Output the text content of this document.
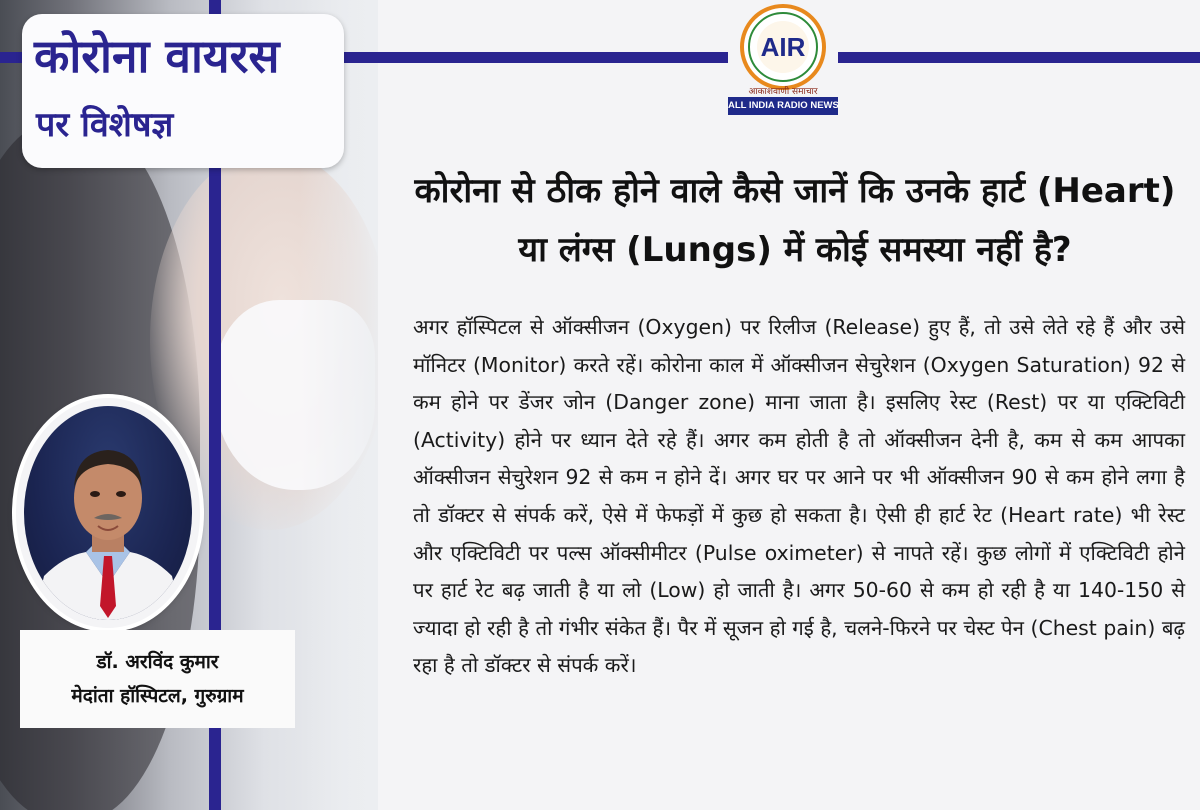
कोरोना वायरस
पर विशेषज्ञ
AIR
आकाशवाणी समाचार
ALL INDIA RADIO NEWS
कोरोना से ठीक होने वाले कैसे जानें कि उनके हार्ट (Heart) या लंग्स (Lungs) में कोई समस्या नहीं है?
अगर हॉस्पिटल से ऑक्सीजन (Oxygen) पर रिलीज (Release) हुए हैं, तो उसे लेते रहे हैं और उसे मॉनिटर (Monitor) करते रहें। कोरोना काल में ऑक्सीजन सेचुरेशन (Oxygen Saturation) 92 से कम होने पर डेंजर जोन (Danger zone) माना जाता है। इसलिए रेस्ट (Rest) पर या एक्टिविटी (Activity) होने पर ध्यान देते रहे हैं। अगर कम होती है तो ऑक्सीजन देनी है, कम से कम आपका ऑक्सीजन सेचुरेशन 92 से कम न होने दें। अगर घर पर आने पर भी ऑक्सीजन 90 से कम होने लगा है तो डॉक्टर से संपर्क करें, ऐसे में फेफड़ों में कुछ हो सकता है। ऐसी ही हार्ट रेट (Heart rate) भी रेस्ट और एक्टिविटी पर पल्स ऑक्सीमीटर (Pulse oximeter) से नापते रहें। कुछ लोगों में एक्टिविटी होने पर हार्ट रेट बढ़ जाती है या लो (Low) हो जाती है। अगर 50-60 से कम हो रही है या 140-150 से ज्यादा हो रही है तो गंभीर संकेत हैं। पैर में सूजन हो गई है, चलने-फिरने पर चेस्ट पेन (Chest pain) बढ़ रहा है तो डॉक्टर से संपर्क करें।
डॉ. अरविंद कुमार
मेदांता हॉस्पिटल, गुरुग्राम
